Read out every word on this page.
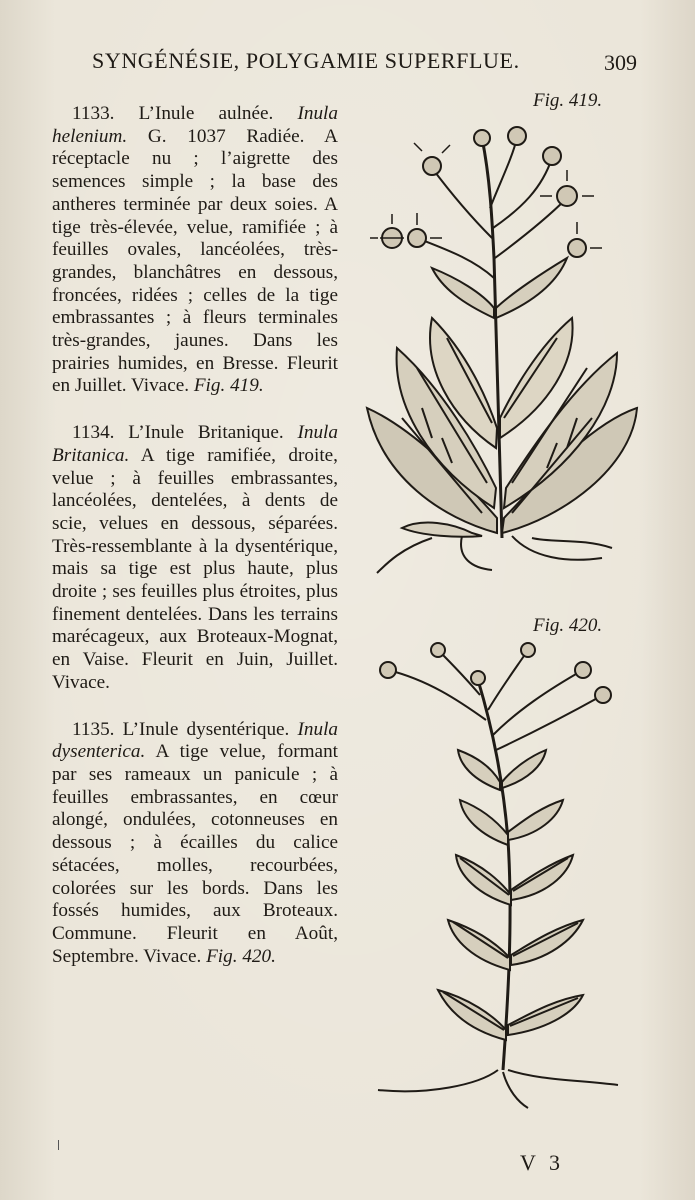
SYNGÉNÉSIE, POLYGAMIE SUPERFLUE.	309

1133. L’Inule aulnée. Inula helenium. G. 1037 Radiée. A réceptacle nu ; l’aigrette des semences simple ; la base des antheres terminée par deux soies. A tige très-élevée, velue, ramifiée ; à feuilles ovales, lancéolées, très-grandes, blanchâtres en dessous, froncées, ridées ; celles de la tige embrassantes ; à fleurs terminales très-grandes, jaunes. Dans les prairies humides, en Bresse. Fleurit en Juillet. Vivace. Fig. 419.

1134. L’Inule Britanique. Inula Britanica. A tige ramifiée, droite, velue ; à feuilles embrassantes, lancéolées, dentelées, à dents de scie, velues en dessous, séparées. Très-ressemblante à la dysentérique, mais sa tige est plus haute, plus droite ; ses feuilles plus étroites, plus finement dentelées. Dans les terrains marécageux, aux Broteaux-Mognat, en Vaise. Fleurit en Juin, Juillet. Vivace.

1135. L’Inule dysentérique. Inula dysenterica. A tige velue, formant par ses rameaux un panicule ; à feuilles embrassantes, en cœur alongé, ondulées, cotonneuses en dessous ; à écailles du calice sétacées, molles, recourbées, colorées sur les bords. Dans les fossés humides, aux Broteaux. Commune. Fleurit en Août, Septembre. Vivace. Fig. 420.

Fig. 419.
Fig. 420.
V 3
